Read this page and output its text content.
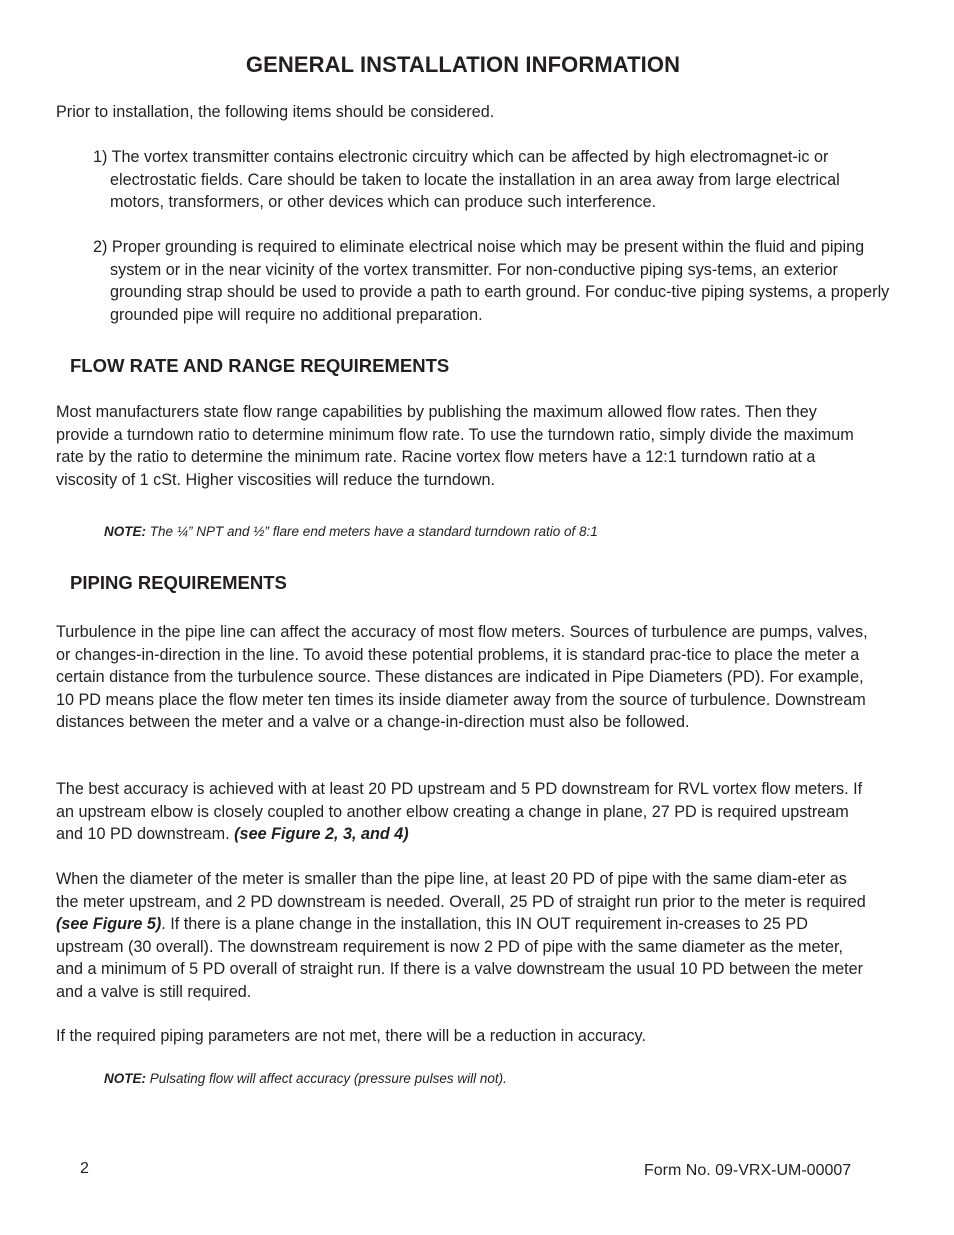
GENERAL INSTALLATION INFORMATION

Prior to installation, the following items should be considered.

1) The vortex transmitter contains electronic circuitry which can be affected by high electromagnet-ic or electrostatic fields. Care should be taken to locate the installation in an area away from large electrical motors, transformers, or other devices which can produce such interference.

2) Proper grounding is required to eliminate electrical noise which may be present within the fluid and piping system or in the near vicinity of the vortex transmitter. For non-conductive piping sys-tems, an exterior grounding strap should be used to provide a path to earth ground. For conduc-tive piping systems, a properly grounded pipe will require no additional preparation.

FLOW RATE AND RANGE REQUIREMENTS

Most manufacturers state flow range capabilities by publishing the maximum allowed flow rates. Then they provide a turndown ratio to determine minimum flow rate. To use the turndown ratio, simply divide the maximum rate by the ratio to determine the minimum rate. Racine vortex flow meters have a 12:1 turndown ratio at a viscosity of 1 cSt. Higher viscosities will reduce the turndown.

NOTE: The ¼” NPT and ½” flare end meters have a standard turndown ratio of 8:1
PIPING REQUIREMENTS

Turbulence in the pipe line can affect the accuracy of most flow meters. Sources of turbulence are pumps, valves, or changes-in-direction in the line. To avoid these potential problems, it is standard prac-tice to place the meter a certain distance from the turbulence source. These distances are indicated in Pipe Diameters (PD). For example, 10 PD means place the flow meter ten times its inside diameter away from the source of turbulence. Downstream distances between the meter and a valve or a change-in-direction must also be followed.

The best accuracy is achieved with at least 20 PD upstream and 5 PD downstream for RVL vortex flow meters. If an upstream elbow is closely coupled to another elbow creating a change in plane, 27 PD is required upstream and 10 PD downstream. (see Figure 2, 3, and 4)

When the diameter of the meter is smaller than the pipe line, at least 20 PD of pipe with the same diam-eter as the meter upstream, and 2 PD downstream is needed. Overall, 25 PD of straight run prior to the meter is required (see Figure 5). If there is a plane change in the installation, this IN OUT requirement in-creases to 25 PD upstream (30 overall). The downstream requirement is now 2 PD of pipe with the same diameter as the meter, and a minimum of 5 PD overall of straight run. If there is a valve downstream the usual 10 PD between the meter and a valve is still required.

If the required piping parameters are not met, there will be a reduction in accuracy.

NOTE: Pulsating flow will affect accuracy (pressure pulses will not).
2	Form No. 09-VRX-UM-00007
